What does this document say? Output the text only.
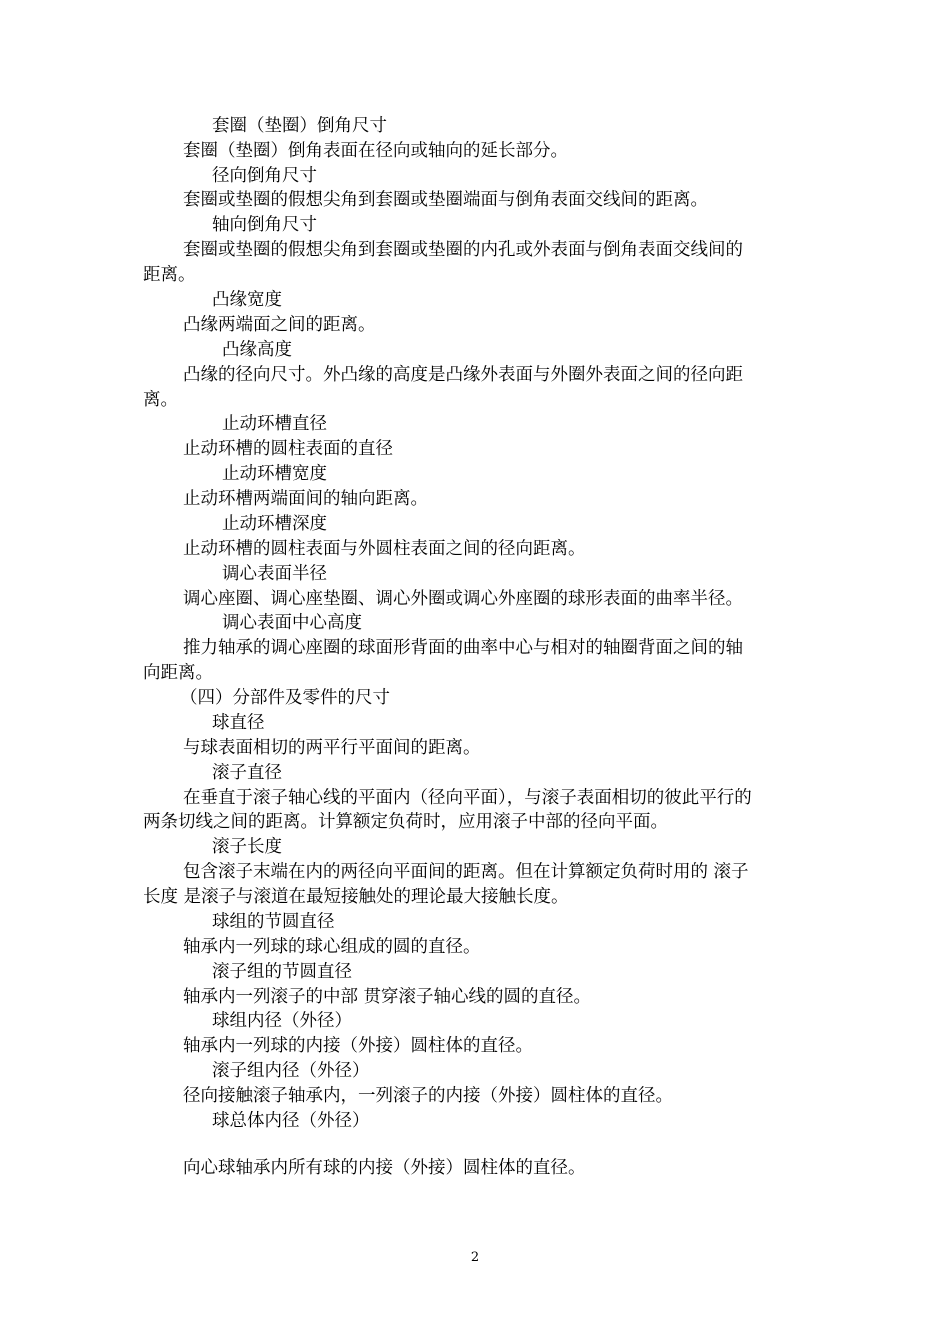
套圈（垫圈）倒角尺寸
套圈（垫圈）倒角表面在径向或轴向的延长部分。
径向倒角尺寸
套圈或垫圈的假想尖角到套圈或垫圈端面与倒角表面交线间的距离。
轴向倒角尺寸
套圈或垫圈的假想尖角到套圈或垫圈的内孔或外表面与倒角表面交线间的
距离。
凸缘宽度
凸缘两端面之间的距离。
凸缘高度
凸缘的径向尺寸。外凸缘的高度是凸缘外表面与外圈外表面之间的径向距
离。
止动环槽直径
止动环槽的圆柱表面的直径
止动环槽宽度
止动环槽两端面间的轴向距离。
止动环槽深度
止动环槽的圆柱表面与外圆柱表面之间的径向距离。
调心表面半径
调心座圈、调心座垫圈、调心外圈或调心外座圈的球形表面的曲率半径。
调心表面中心高度
推力轴承的调心座圈的球面形背面的曲率中心与相对的轴圈背面之间的轴
向距离。
（四）分部件及零件的尺寸
球直径
与球表面相切的两平行平面间的距离。
滚子直径
在垂直于滚子轴心线的平面内（径向平面），与滚子表面相切的彼此平行的
两条切线之间的距离。计算额定负荷时，应用滚子中部的径向平面。
滚子长度
包含滚子末端在内的两径向平面间的距离。但在计算额定负荷时用的 滚子
长度 是滚子与滚道在最短接触处的理论最大接触长度。
球组的节圆直径
轴承内一列球的球心组成的圆的直径。
滚子组的节圆直径
轴承内一列滚子的中部 贯穿滚子轴心线的圆的直径。
球组内径（外径）
轴承内一列球的内接（外接）圆柱体的直径。
滚子组内径（外径）
径向接触滚子轴承内，一列滚子的内接（外接）圆柱体的直径。
球总体内径（外径）
向心球轴承内所有球的内接（外接）圆柱体的直径。
2
